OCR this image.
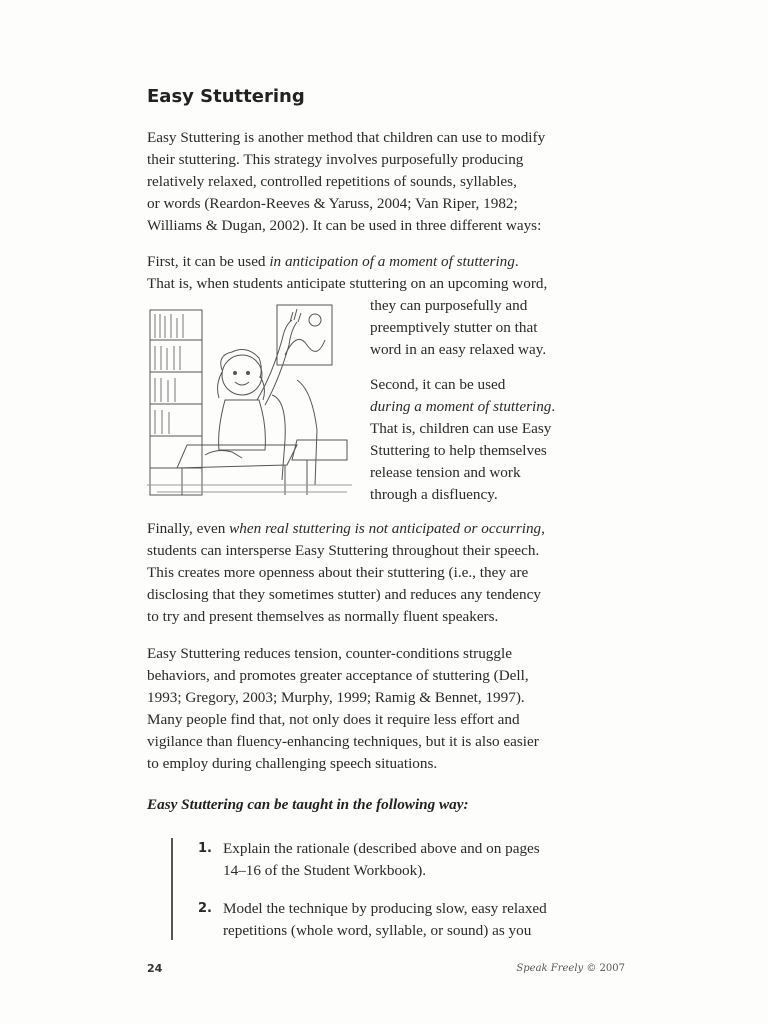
Easy Stuttering
Easy Stuttering is another method that children can use to modify
their stuttering. This strategy involves purposefully producing
relatively relaxed, controlled repetitions of sounds, syllables,
or words (Reardon-Reeves & Yaruss, 2004; Van Riper, 1982;
Williams & Dugan, 2002). It can be used in three different ways:
First, it can be used in anticipation of a moment of stuttering.
That is, when students anticipate stuttering on an upcoming word,
they can purposefully and
preemptively stutter on that
word in an easy relaxed way.
Second, it can be used
during a moment of stuttering.
That is, children can use Easy
Stuttering to help themselves
release tension and work
through a disfluency.
Finally, even when real stuttering is not anticipated or occurring,
students can intersperse Easy Stuttering throughout their speech.
This creates more openness about their stuttering (i.e., they are
disclosing that they sometimes stutter) and reduces any tendency
to try and present themselves as normally fluent speakers.
Easy Stuttering reduces tension, counter-conditions struggle
behaviors, and promotes greater acceptance of stuttering (Dell,
1993; Gregory, 2003; Murphy, 1999; Ramig & Bennet, 1997).
Many people find that, not only does it require less effort and
vigilance than fluency-enhancing techniques, but it is also easier
to employ during challenging speech situations.

Easy Stuttering can be taught in the following way:

1. Explain the rationale (described above and on pages
14–16 of the Student Workbook).
2. Model the technique by producing slow, easy relaxed
repetitions (whole word, syllable, or sound) as you
24	Speak Freely © 2007
